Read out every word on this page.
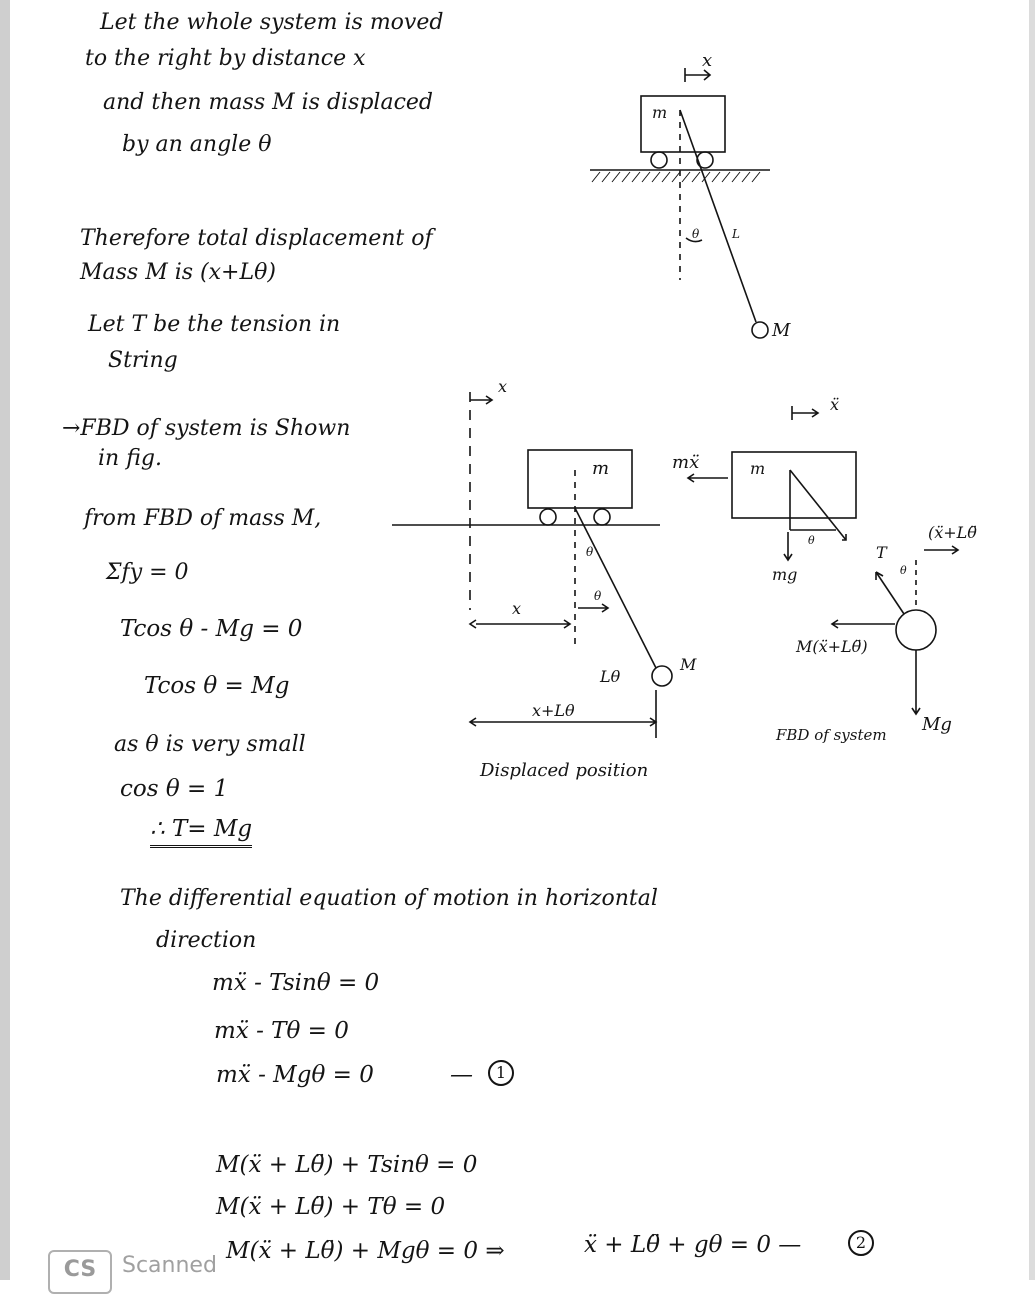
Let the whole system is moved
to the right by distance x
and then mass M is displaced
by an angle θ
Therefore total displacement of
Mass M is (x+Lθ)
Let T be the tension in
String
→FBD of system is Shown
in fig.
from FBD of mass M,
Σfy = 0
Tcos θ - Mg = 0
Tcos θ = Mg
as θ is very small
cos θ = 1
∴ T= Mg
The differential equation of motion in horizontal
direction
mẍ - Tsinθ = 0
mẍ - Tθ = 0
mẍ - Mgθ = 0	—	1
M(ẍ + Lθ̈) + Tsinθ = 0
M(ẍ + Lθ̈) + Tθ = 0
M(ẍ + Lθ̈) + Mgθ = 0 ⇒	ẍ + Lθ̈ + gθ = 0 —	2
x
m
θ	L
M
x
m
θ
θ
x
Lθ
M
x+Lθ
Displaced position
ẍ
mẍ	m
θ
mg
T
θ
(ẍ+Lθ̈
M(ẍ+Lθ̈)
Mg
FBD of system
CS	Scanned
